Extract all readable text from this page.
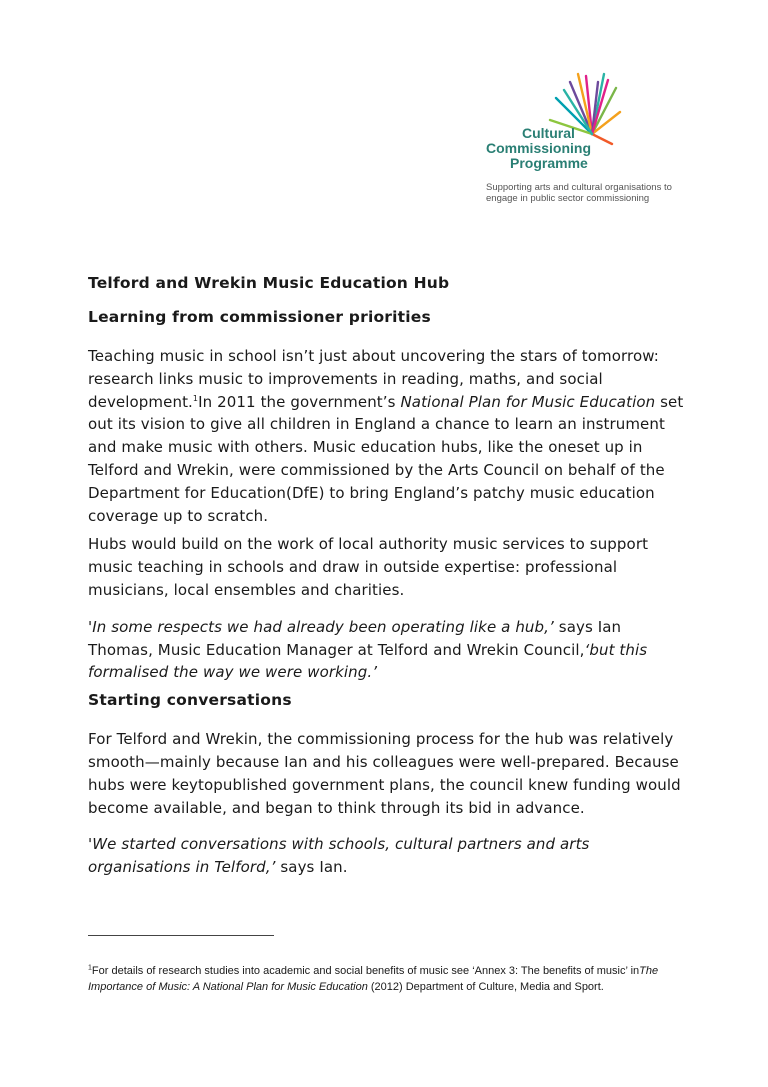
Cultural
Commissioning
Programme
Supporting arts and cultural organisations to engage in public sector commissioning
Telford and Wrekin Music Education Hub
Learning from commissioner priorities

Teaching music in school isn’t just about uncovering the stars of tomorrow: research links music to improvements in reading, maths, and social development.$^1$In 2011 the government’s National Plan for Music Education set out its vision to give all children in England a chance to learn an instrument and make music with others. Music education hubs, like the oneset up in Telford and Wrekin, were commissioned by the Arts Council on behalf of the Department for Education(DfE) to bring England’s patchy music education coverage up to scratch.

Hubs would build on the work of local authority music services to support music teaching in schools and draw in outside expertise: professional musicians, local ensembles and charities.

'In some respects we had already been operating like a hub,’ says Ian Thomas, Music Education Manager at Telford and Wrekin Council,‘but this formalised the way we were working.’

Starting conversations

For Telford and Wrekin, the commissioning process for the hub was relatively smooth—mainly because Ian and his colleagues were well-prepared. Because hubs were keytopublished government plans, the council knew funding would become available, and began to think through its bid in advance.

'We started conversations with schools, cultural partners and arts organisations in Telford,’ says Ian.

$^1$For details of research studies into academic and social benefits of music see ‘Annex 3: The benefits of music’ inThe Importance of Music: A National Plan for Music Education (2012) Department of Culture, Media and Sport.
